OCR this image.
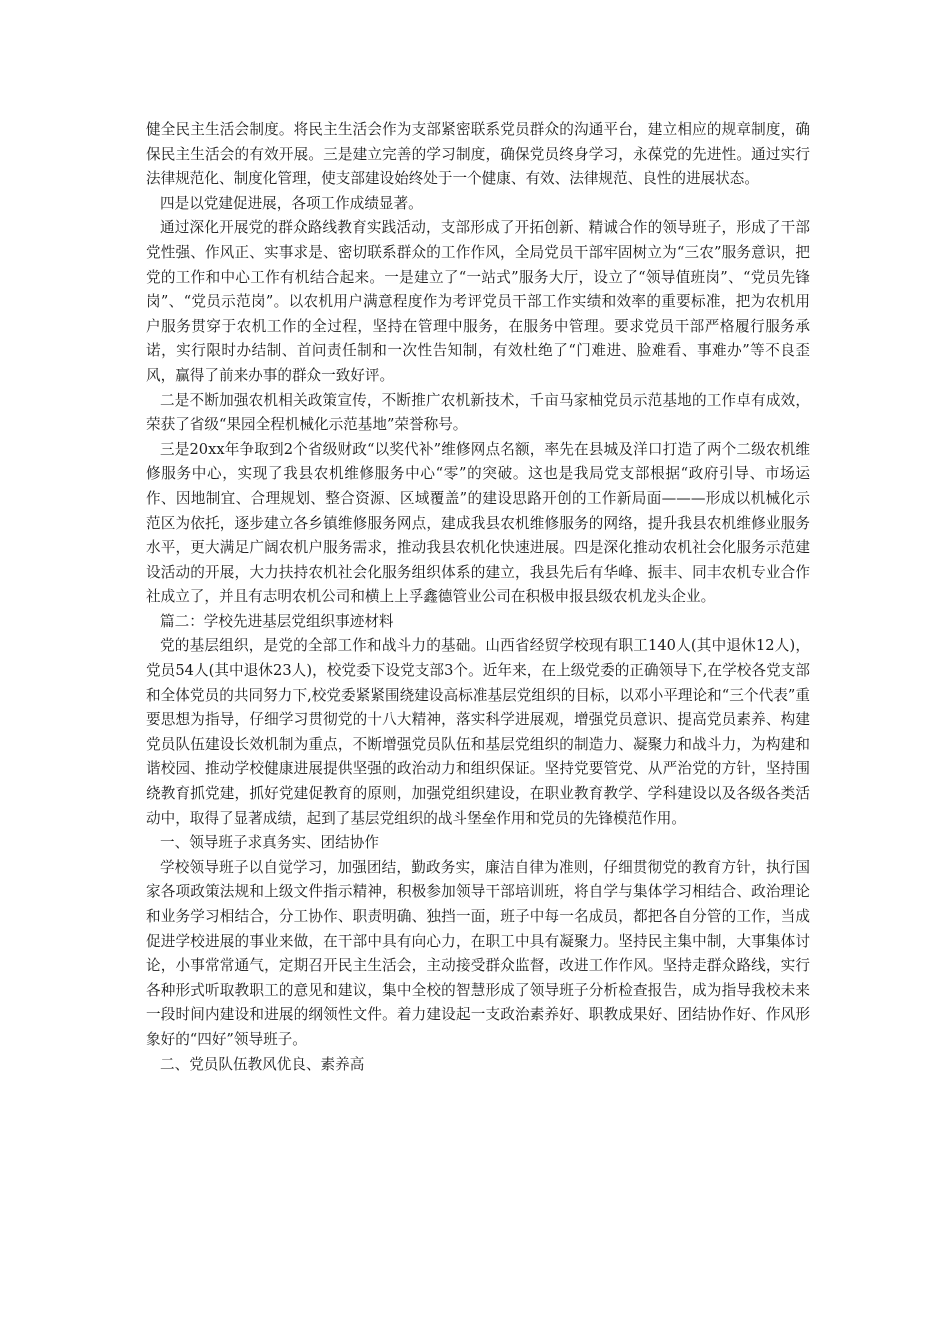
健全民主生活会制度。将民主生活会作为支部紧密联系党员群众的沟通平台，建立相应的规章制度，确保民主生活会的有效开展。三是建立完善的学习制度，确保党员终身学习，永葆党的先进性。通过实行法律规范化、制度化管理，使支部建设始终处于一个健康、有效、法律规范、良性的进展状态。

四是以党建促进展，各项工作成绩显著。

通过深化开展党的群众路线教育实践活动，支部形成了开拓创新、精诚合作的领导班子，形成了干部党性强、作风正、实事求是、密切联系群众的工作作风，全局党员干部牢固树立为“三农”服务意识，把党的工作和中心工作有机结合起来。一是建立了“一站式”服务大厅，设立了“领导值班岗”、“党员先锋岗”、“党员示范岗”。以农机用户满意程度作为考评党员干部工作实绩和效率的重要标准，把为农机用户服务贯穿于农机工作的全过程，坚持在管理中服务，在服务中管理。要求党员干部严格履行服务承诺，实行限时办结制、首问责任制和一次性告知制，有效杜绝了“门难进、脸难看、事难办”等不良歪风，赢得了前来办事的群众一致好评。

二是不断加强农机相关政策宣传，不断推广农机新技术，千亩马家柚党员示范基地的工作卓有成效，荣获了省级“果园全程机械化示范基地”荣誉称号。

三是20xx年争取到2个省级财政“以奖代补”维修网点名额，率先在县城及洋口打造了两个二级农机维修服务中心，实现了我县农机维修服务中心“零”的突破。这也是我局党支部根据“政府引导、市场运作、因地制宜、合理规划、整合资源、区域覆盖”的建设思路开创的工作新局面———形成以机械化示范区为依托，逐步建立各乡镇维修服务网点，建成我县农机维修服务的网络，提升我县农机维修业服务水平，更大满足广阔农机户服务需求，推动我县农机化快速进展。四是深化推动农机社会化服务示范建设活动的开展，大力扶持农机社会化服务组织体系的建立，我县先后有华峰、振丰、同丰农机专业合作社成立了，并且有志明农机公司和横上上孚鑫德管业公司在积极申报县级农机龙头企业。

篇二：学校先进基层党组织事迹材料

党的基层组织，是党的全部工作和战斗力的基础。山西省经贸学校现有职工140人(其中退休12人)，党员54人(其中退休23人)，校党委下设党支部3个。近年来，在上级党委的正确领导下,在学校各党支部和全体党员的共同努力下,校党委紧紧围绕建设高标准基层党组织的目标，以邓小平理论和“三个代表”重要思想为指导，仔细学习贯彻党的十八大精神，落实科学进展观，增强党员意识、提高党员素养、构建党员队伍建设长效机制为重点，不断增强党员队伍和基层党组织的制造力、凝聚力和战斗力，为构建和谐校园、推动学校健康进展提供坚强的政治动力和组织保证。坚持党要管党、从严治党的方针，坚持围绕教育抓党建，抓好党建促教育的原则，加强党组织建设，在职业教育教学、学科建设以及各级各类活动中，取得了显著成绩，起到了基层党组织的战斗堡垒作用和党员的先锋模范作用。

一、领导班子求真务实、团结协作

学校领导班子以自觉学习，加强团结，勤政务实，廉洁自律为准则，仔细贯彻党的教育方针，执行国家各项政策法规和上级文件指示精神，积极参加领导干部培训班，将自学与集体学习相结合、政治理论和业务学习相结合，分工协作、职责明确、独挡一面，班子中每一名成员，都把各自分管的工作，当成促进学校进展的事业来做，在干部中具有向心力，在职工中具有凝聚力。坚持民主集中制，大事集体讨论，小事常常通气，定期召开民主生活会，主动接受群众监督，改进工作作风。坚持走群众路线，实行各种形式听取教职工的意见和建议，集中全校的智慧形成了领导班子分析检查报告，成为指导我校未来一段时间内建设和进展的纲领性文件。着力建设起一支政治素养好、职教成果好、团结协作好、作风形象好的“四好”领导班子。

二、党员队伍教风优良、素养高
